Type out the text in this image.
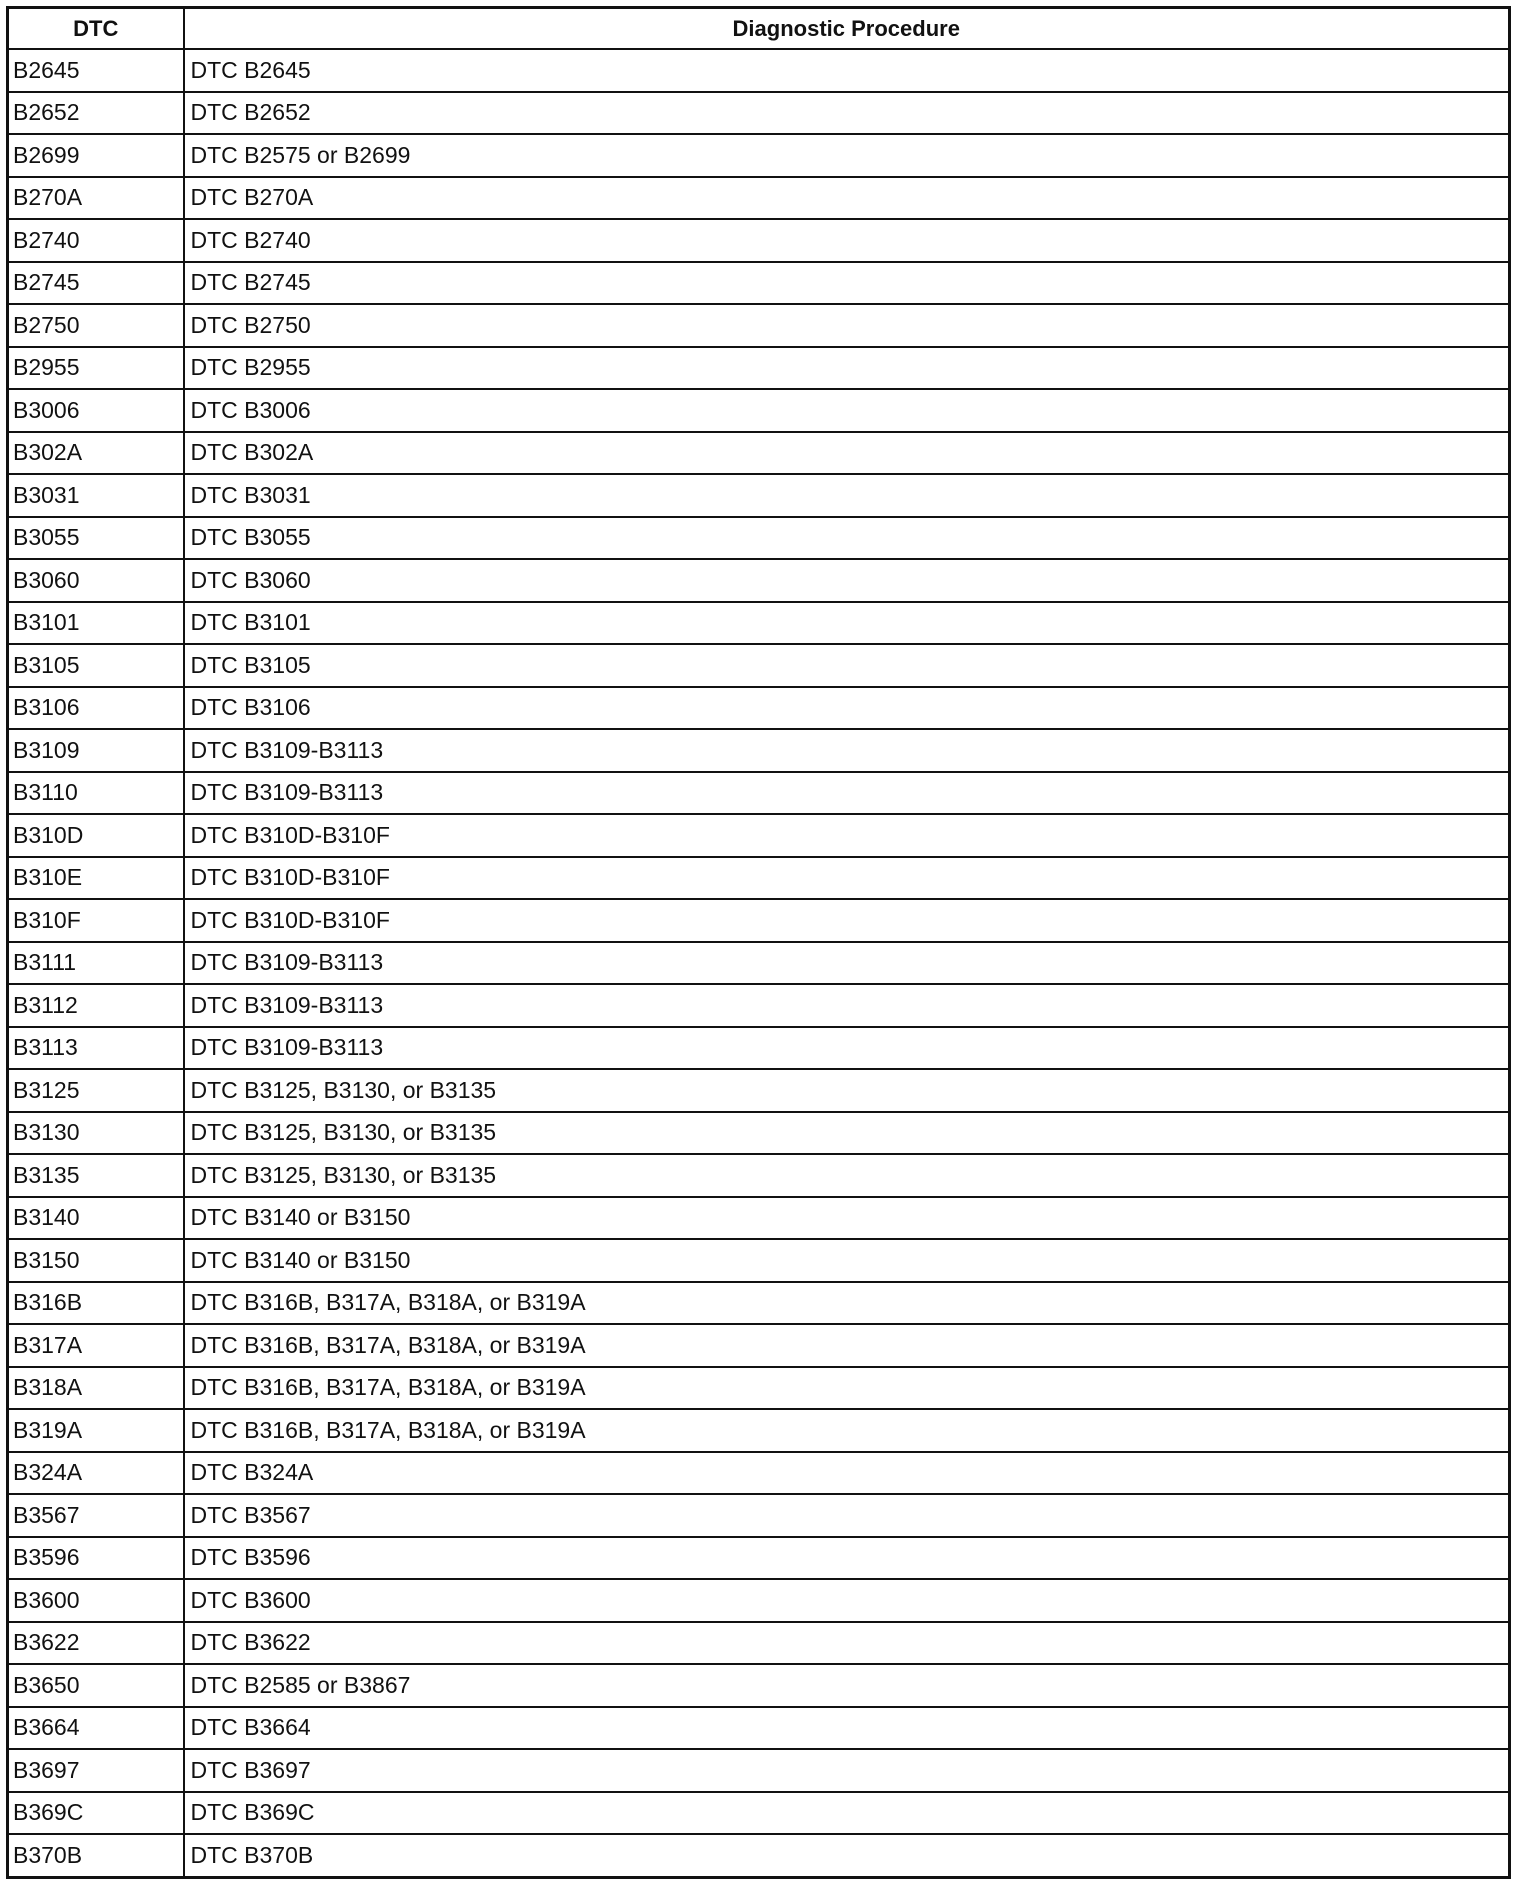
DTC	Diagnostic Procedure
B2645	DTC B2645
B2652	DTC B2652
B2699	DTC B2575 or B2699
B270A	DTC B270A
B2740	DTC B2740
B2745	DTC B2745
B2750	DTC B2750
B2955	DTC B2955
B3006	DTC B3006
B302A	DTC B302A
B3031	DTC B3031
B3055	DTC B3055
B3060	DTC B3060
B3101	DTC B3101
B3105	DTC B3105
B3106	DTC B3106
B3109	DTC B3109-B3113
B3110	DTC B3109-B3113
B310D	DTC B310D-B310F
B310E	DTC B310D-B310F
B310F	DTC B310D-B310F
B3111	DTC B3109-B3113
B3112	DTC B3109-B3113
B3113	DTC B3109-B3113
B3125	DTC B3125, B3130, or B3135
B3130	DTC B3125, B3130, or B3135
B3135	DTC B3125, B3130, or B3135
B3140	DTC B3140 or B3150
B3150	DTC B3140 or B3150
B316B	DTC B316B, B317A, B318A, or B319A
B317A	DTC B316B, B317A, B318A, or B319A
B318A	DTC B316B, B317A, B318A, or B319A
B319A	DTC B316B, B317A, B318A, or B319A
B324A	DTC B324A
B3567	DTC B3567
B3596	DTC B3596
B3600	DTC B3600
B3622	DTC B3622
B3650	DTC B2585 or B3867
B3664	DTC B3664
B3697	DTC B3697
B369C	DTC B369C
B370B	DTC B370B
